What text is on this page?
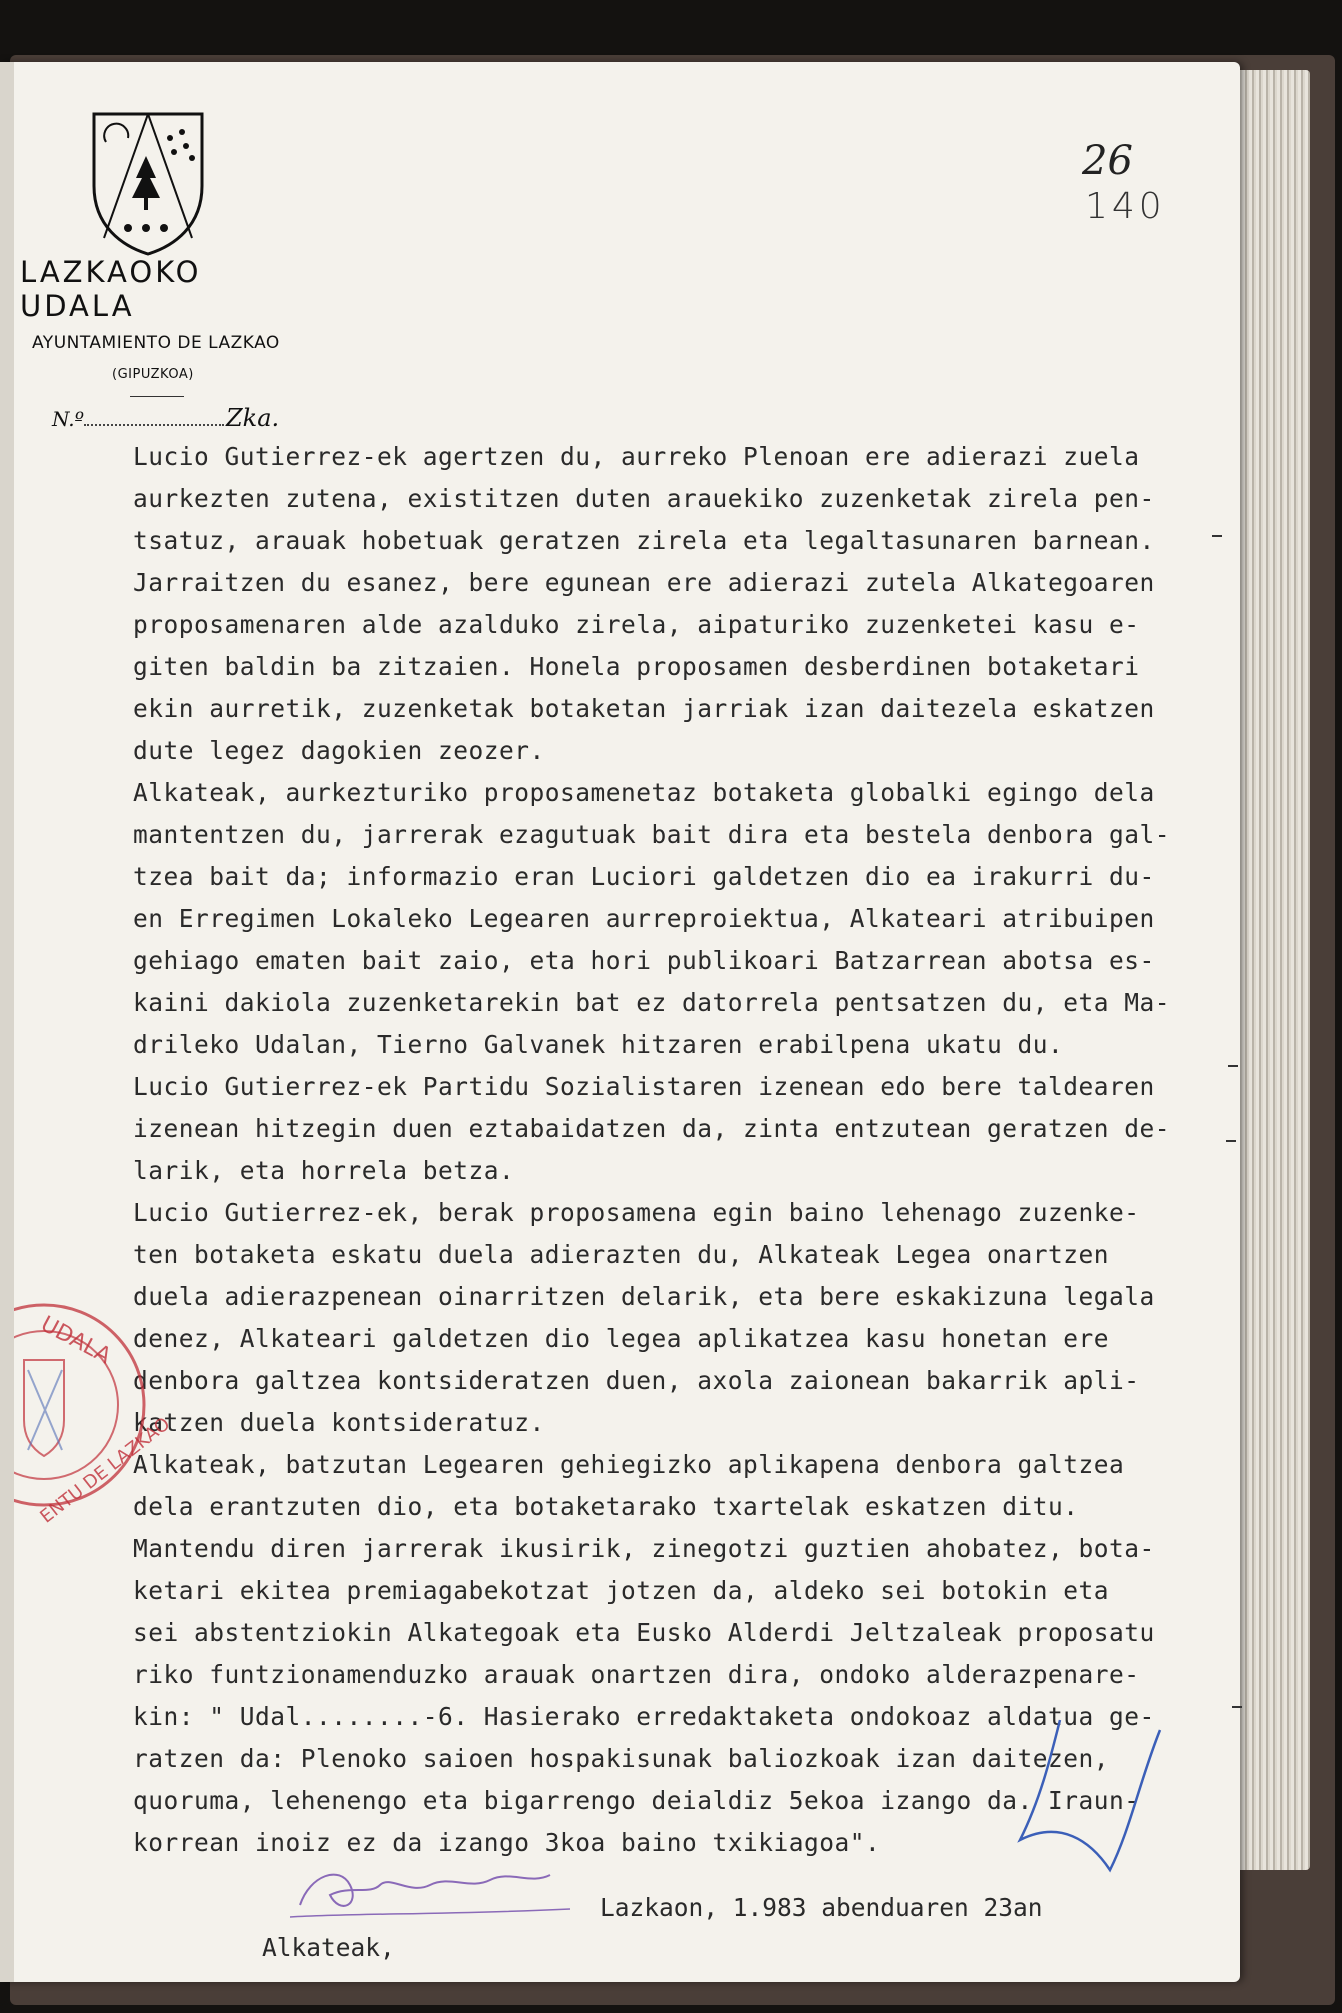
LAZKAOKO UDALA
AYUNTAMIENTO DE LAZKAO
(GIPUZKOA)
N.º	Zka.
26
140
Lucio Gutierrez-ek agertzen du, aurreko Plenoan ere adierazi zuela
aurkezten zutena, existitzen duten arauekiko zuzenketak zirela pen-
tsatuz, arauak hobetuak geratzen zirela eta legaltasunaren barnean.
Jarraitzen du esanez, bere egunean ere adierazi zutela Alkategoaren
proposamenaren alde azalduko zirela, aipaturiko zuzenketei kasu e-
giten baldin ba zitzaien. Honela proposamen desberdinen botaketari
ekin aurretik, zuzenketak botaketan jarriak izan daitezela eskatzen
dute legez dagokien zeozer.
Alkateak, aurkezturiko proposamenetaz botaketa globalki egingo dela
mantentzen du, jarrerak ezagutuak bait dira eta bestela denbora gal-
tzea bait da; informazio eran Luciori galdetzen dio ea irakurri du-
en Erregimen Lokaleko Legearen aurreproiektua, Alkateari atribuipen
gehiago ematen bait zaio, eta hori publikoari Batzarrean abotsa es-
kaini dakiola zuzenketarekin bat ez datorrela pentsatzen du, eta Ma-
drileko Udalan, Tierno Galvanek hitzaren erabilpena ukatu du.
Lucio Gutierrez-ek Partidu Sozialistaren izenean edo bere taldearen
izenean hitzegin duen eztabaidatzen da, zinta entzutean geratzen de-
larik, eta horrela betza.
Lucio Gutierrez-ek, berak proposamena egin baino lehenago zuzenke-
ten botaketa eskatu duela adierazten du, Alkateak Legea onartzen
duela adierazpenean oinarritzen delarik, eta bere eskakizuna legala
denez, Alkateari galdetzen dio legea aplikatzea kasu honetan ere
denbora galtzea kontsideratzen duen, axola zaionean bakarrik apli-
katzen duela kontsideratuz.
Alkateak, batzutan Legearen gehiegizko aplikapena denbora galtzea
dela erantzuten dio, eta botaketarako txartelak eskatzen ditu.
Mantendu diren jarrerak ikusirik, zinegotzi guztien ahobatez, bota-
ketari ekitea premiagabekotzat jotzen da, aldeko sei botokin eta
sei abstentziokin Alkategoak eta Eusko Alderdi Jeltzaleak proposatu
riko funtzionamenduzko arauak onartzen dira, ondoko alderazpenare-
kin: " Udal........-6. Hasierako erredaktaketa ondokoaz aldatua ge-
ratzen da: Plenoko saioen hospakisunak baliozkoak izan daitezen,
quoruma, lehenengo eta bigarrengo deialdiz 5ekoa izango da. Iraun-
korrean inoiz ez da izango 3koa baino txikiagoa".
UDALA
ENTU DE LAZKAO
Lazkaon, 1.983 abenduaren 23an
Alkateak,
